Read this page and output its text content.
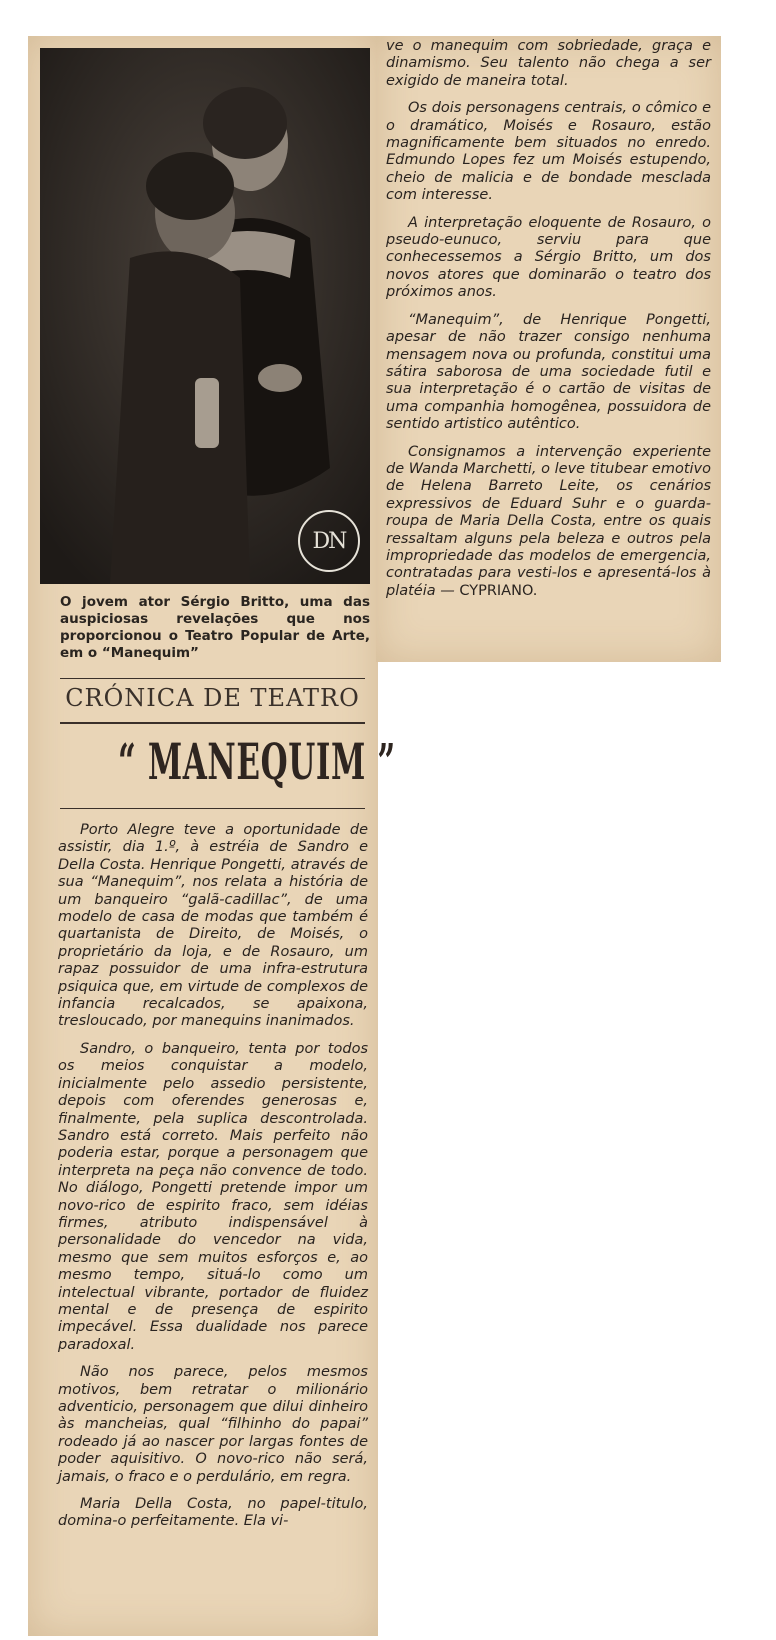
DN
O jovem ator Sérgio Britto, uma das auspiciosas revelações que nos proporcionou o Teatro Popular de Arte, em o “Manequim”
CRÓNICA DE TEATRO
“ MANEQUIM ”

Porto Alegre teve a oportunidade de assistir, dia 1.º, à estréia de Sandro e Della Costa. Henrique Pongetti, através de sua “Manequim”, nos relata a história de um banqueiro “galã-cadillac”, de uma modelo de casa de modas que também é quartanista de Direito, de Moisés, o proprietário da loja, e de Rosauro, um rapaz possuidor de uma infra-estrutura psiquica que, em virtude de complexos de infancia recalcados, se apaixona, tresloucado, por manequins inanimados.

Sandro, o banqueiro, tenta por todos os meios conquistar a modelo, inicialmente pelo assedio persistente, depois com oferendes generosas e, finalmente, pela suplica descontrolada. Sandro está correto. Mais perfeito não poderia estar, porque a personagem que interpreta na peça não convence de todo. No diálogo, Pongetti pretende impor um novo-rico de espirito fraco, sem idéias firmes, atributo indispensável à personalidade do vencedor na vida, mesmo que sem muitos esforços e, ao mesmo tempo, situá-lo como um intelectual vibrante, portador de fluidez mental e de presença de espirito impecável. Essa dualidade nos parece paradoxal.

Não nos parece, pelos mesmos motivos, bem retratar o milionário adventicio, personagem que dilui dinheiro às mancheias, qual “filhinho do papai” rodeado já ao nascer por largas fontes de poder aquisitivo. O novo-rico não será, jamais, o fraco e o perdulário, em regra.

Maria Della Costa, no papel-titulo, domina-o perfeitamente. Ela vi-

ve o manequim com sobriedade, graça e dinamismo. Seu talento não chega a ser exigido de maneira total.

Os dois personagens centrais, o cômico e o dramático, Moisés e Rosauro, estão magnificamente bem situados no enredo. Edmundo Lopes fez um Moisés estupendo, cheio de malicia e de bondade mesclada com interesse.

A interpretação eloquente de Rosauro, o pseudo-eunuco, serviu para que conhecessemos a Sérgio Britto, um dos novos atores que dominarão o teatro dos próximos anos.

“Manequim”, de Henrique Pongetti, apesar de não trazer consigo nenhuma mensagem nova ou profunda, constitui uma sátira saborosa de uma sociedade futil e sua interpretação é o cartão de visitas de uma companhia homogênea, possuidora de sentido artistico autêntico.

Consignamos a intervenção experiente de Wanda Marchetti, o leve titubear emotivo de Helena Barreto Leite, os cenários expressivos de Eduard Suhr e o guarda-roupa de Maria Della Costa, entre os quais ressaltam alguns pela beleza e outros pela impropriedade das modelos de emergencia, contratadas para vesti-los e apresentá-los à platéia — CYPRIANO.
